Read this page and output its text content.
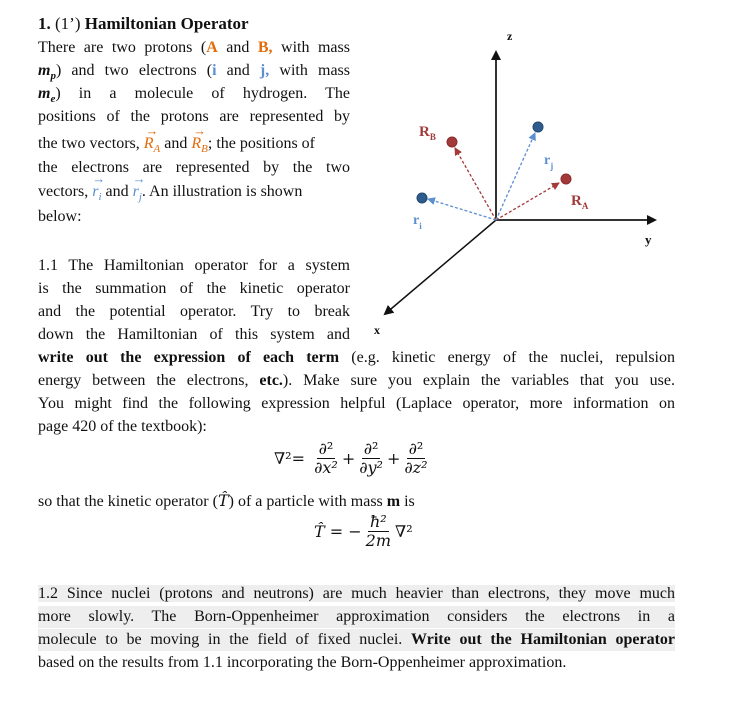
1. (1’) Hamiltonian Operator
There are two protons (A and B, with mass
$m_p$) and two electrons (i and j, with mass
$m_e$) in a molecule of hydrogen. The
positions of the protons are represented by
the two vectors, → $R_A$ and → $R_B$; the positions of
the electrons are represented by the two
vectors, → $r_i$ and → $r_j$. An illustration is shown
below:
z
y
x
$R_B$
$R_A$
$r_j$
$r_i$
1.1 The Hamiltonian operator for a system
is the summation of the kinetic operator
and the potential operator. Try to break
down the Hamiltonian of this system and
write out the expression of each term (e.g. kinetic energy of the nuclei, repulsion
energy between the electrons, etc.). Make sure you explain the variables that you use.
You might find the following expression helpful (Laplace operator, more information on
page 420 of the textbook):
$\nabla^2= \frac{\text{∂²}}{\text{∂x²}} + \frac{\text{∂²}}{\text{∂y²}} + \frac{\text{∂²}}{\text{∂z²}}$
so that the kinetic operator (T̂) of a particle with mass m is
T̂ = − $\frac{\text{ħ²}}{2m} \nabla^2$
1.2 Since nuclei (protons and neutrons) are much heavier than electrons, they move much
more slowly. The Born-Oppenheimer approximation considers the electrons in a
molecule to be moving in the field of fixed nuclei. Write out the Hamiltonian operator
based on the results from 1.1 incorporating the Born-Oppenheimer approximation.
